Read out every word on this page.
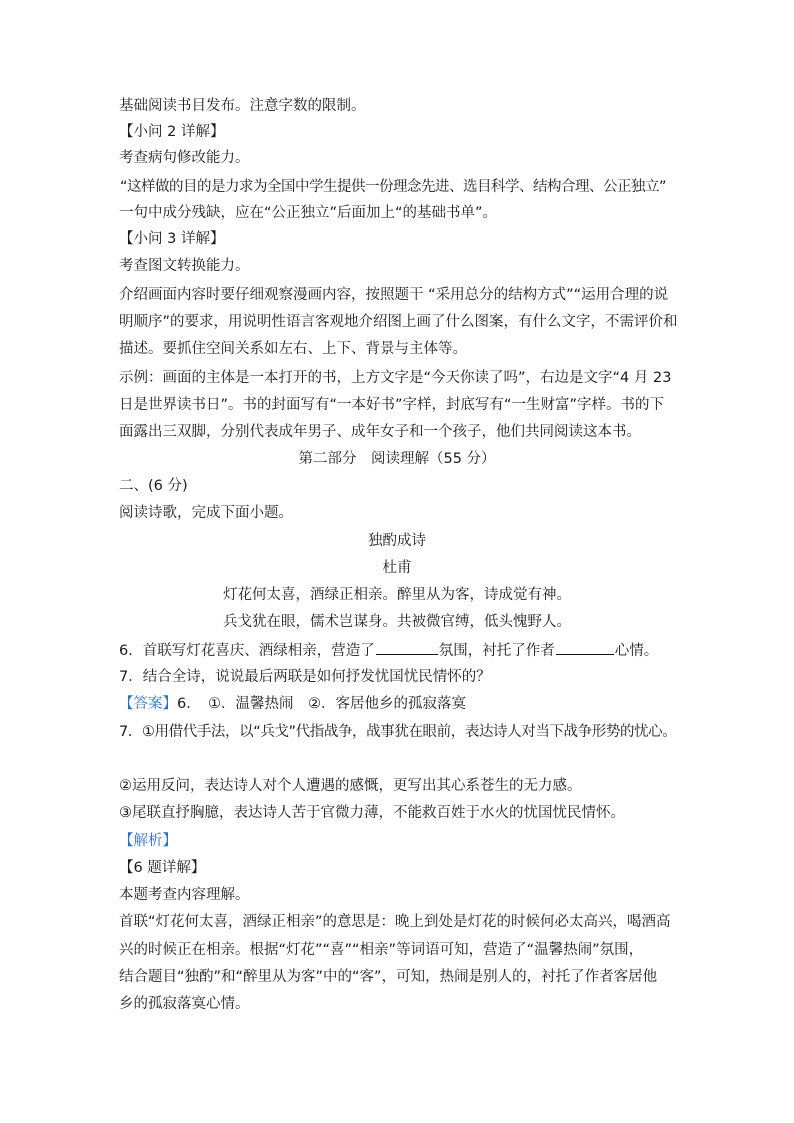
基础阅读书目发布。注意字数的限制。
【小问 2 详解】
考查病句修改能力。
“这样做的目的是力求为全国中学生提供一份理念先进、选目科学、结构合理、公正独立”
一句中成分残缺，应在“公正独立”后面加上“的基础书单”。
【小问 3 详解】
考查图文转换能力。
介绍画面内容时要仔细观察漫画内容，按照题干 “采用总分的结构方式”“运用合理的说
明顺序”的要求，用说明性语言客观地介绍图上画了什么图案，有什么文字，不需评价和
描述。要抓住空间关系如左右、上下、背景与主体等。
示例：画面的主体是一本打开的书，上方文字是“今天你读了吗”，右边是文字“4 月 23
日是世界读书日”。书的封面写有“一本好书”字样，封底写有“一生财富”字样。书的下
面露出三双脚，分别代表成年男子、成年女子和一个孩子，他们共同阅读这本书。
第二部分　阅读理解（55 分）
二、(6 分)
阅读诗歌，完成下面小题。
独酌成诗
杜甫
灯花何太喜，酒绿正相亲。醉里从为客，诗成觉有神。
兵戈犹在眼，儒术岂谋身。共被微官缚，低头愧野人。
6．首联写灯花喜庆、酒绿相亲，营造了	氛围，衬托了作者	心情。
7．结合全诗，说说最后两联是如何抒发忧国忧民情怀的？
【答案】6．　①．温馨热闹　②．客居他乡的孤寂落寞
7．①用借代手法，以“兵戈”代指战争，战事犹在眼前，表达诗人对当下战争形势的忧心。
②运用反问，表达诗人对个人遭遇的感慨，更写出其心系苍生的无力感。
③尾联直抒胸臆，表达诗人苦于官微力薄，不能救百姓于水火的忧国忧民情怀。
【解析】
【6 题详解】
本题考查内容理解。
首联“灯花何太喜，酒绿正相亲”的意思是：晚上到处是灯花的时候何必太高兴，喝酒高
兴的时候正在相亲。根据“灯花”“喜”“相亲”等词语可知，营造了“温馨热闹”氛围，
结合题目“独酌”和“醉里从为客”中的“客”，可知，热闹是别人的，衬托了作者客居他
乡的孤寂落寞心情。
